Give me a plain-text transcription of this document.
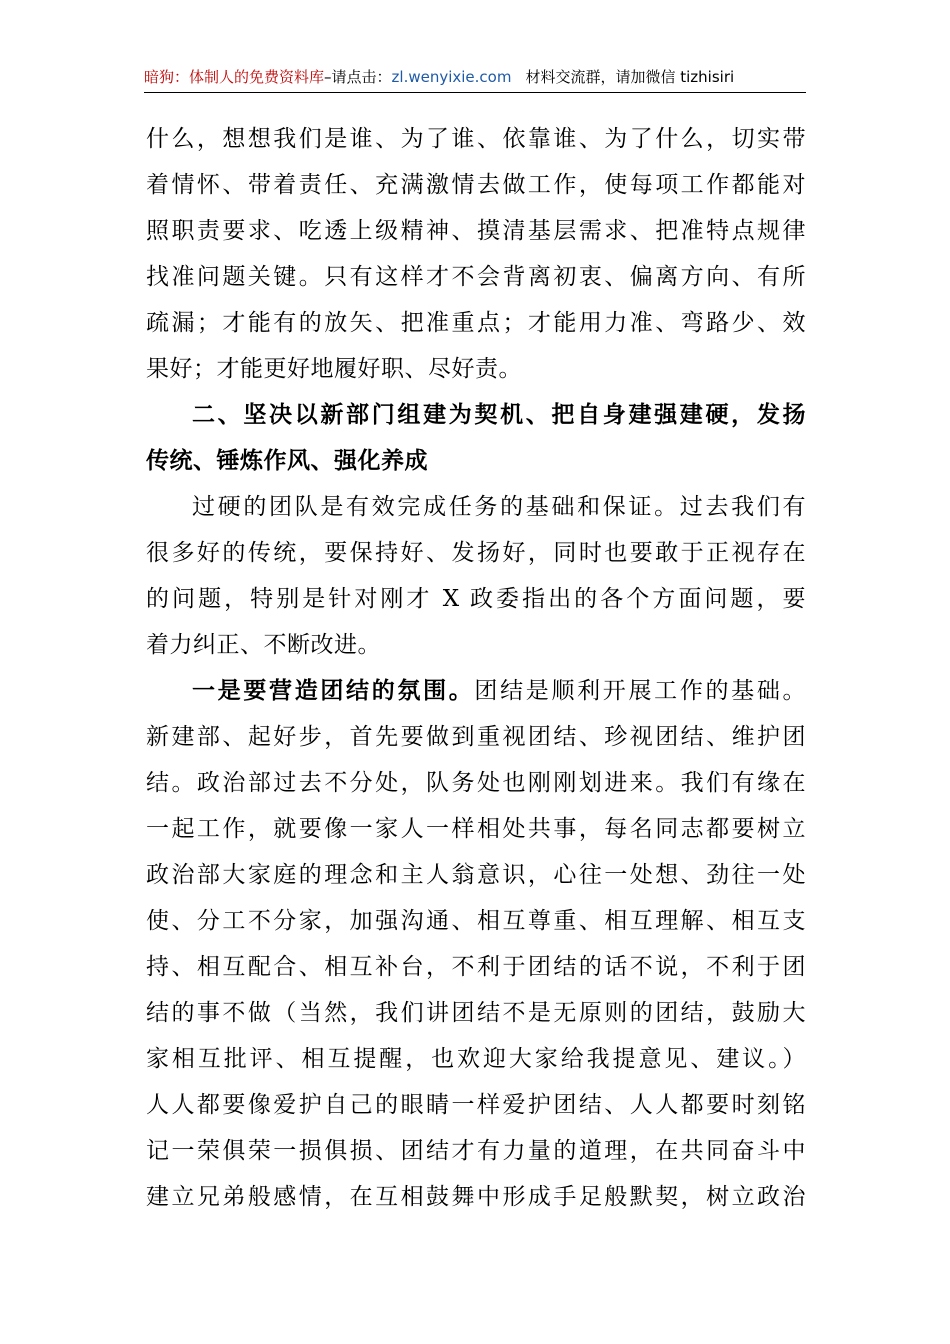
暗狗：体制人的免费资料库–请点击：zl.wenyixie.com 材料交流群，请加微信 tizhisiri
什么，想想我们是谁、为了谁、依靠谁、为了什么，切实带
着情怀、带着责任、充满激情去做工作，使每项工作都能对
照职责要求、吃透上级精神、摸清基层需求、把准特点规律
找准问题关键。只有这样才不会背离初衷、偏离方向、有所
疏漏；才能有的放矢、把准重点；才能用力准、弯路少、效
果好；才能更好地履好职、尽好责。
二、坚决以新部门组建为契机、把自身建强建硬，发扬
传统、锤炼作风、强化养成
过硬的团队是有效完成任务的基础和保证。过去我们有
很多好的传统，要保持好、发扬好，同时也要敢于正视存在
的问题，特别是针对刚才 X 政委指出的各个方面问题，要
着力纠正、不断改进。
一是要营造团结的氛围。团结是顺利开展工作的基础。
新建部、起好步，首先要做到重视团结、珍视团结、维护团
结。政治部过去不分处，队务处也刚刚划进来。我们有缘在
一起工作，就要像一家人一样相处共事，每名同志都要树立
政治部大家庭的理念和主人翁意识，心往一处想、劲往一处
使、分工不分家，加强沟通、相互尊重、相互理解、相互支
持、相互配合、相互补台，不利于团结的话不说，不利于团
结的事不做（当然，我们讲团结不是无原则的团结，鼓励大
家相互批评、相互提醒，也欢迎大家给我提意见、建议。）
人人都要像爱护自己的眼睛一样爱护团结、人人都要时刻铭
记一荣俱荣一损俱损、团结才有力量的道理，在共同奋斗中
建立兄弟般感情，在互相鼓舞中形成手足般默契，树立政治
